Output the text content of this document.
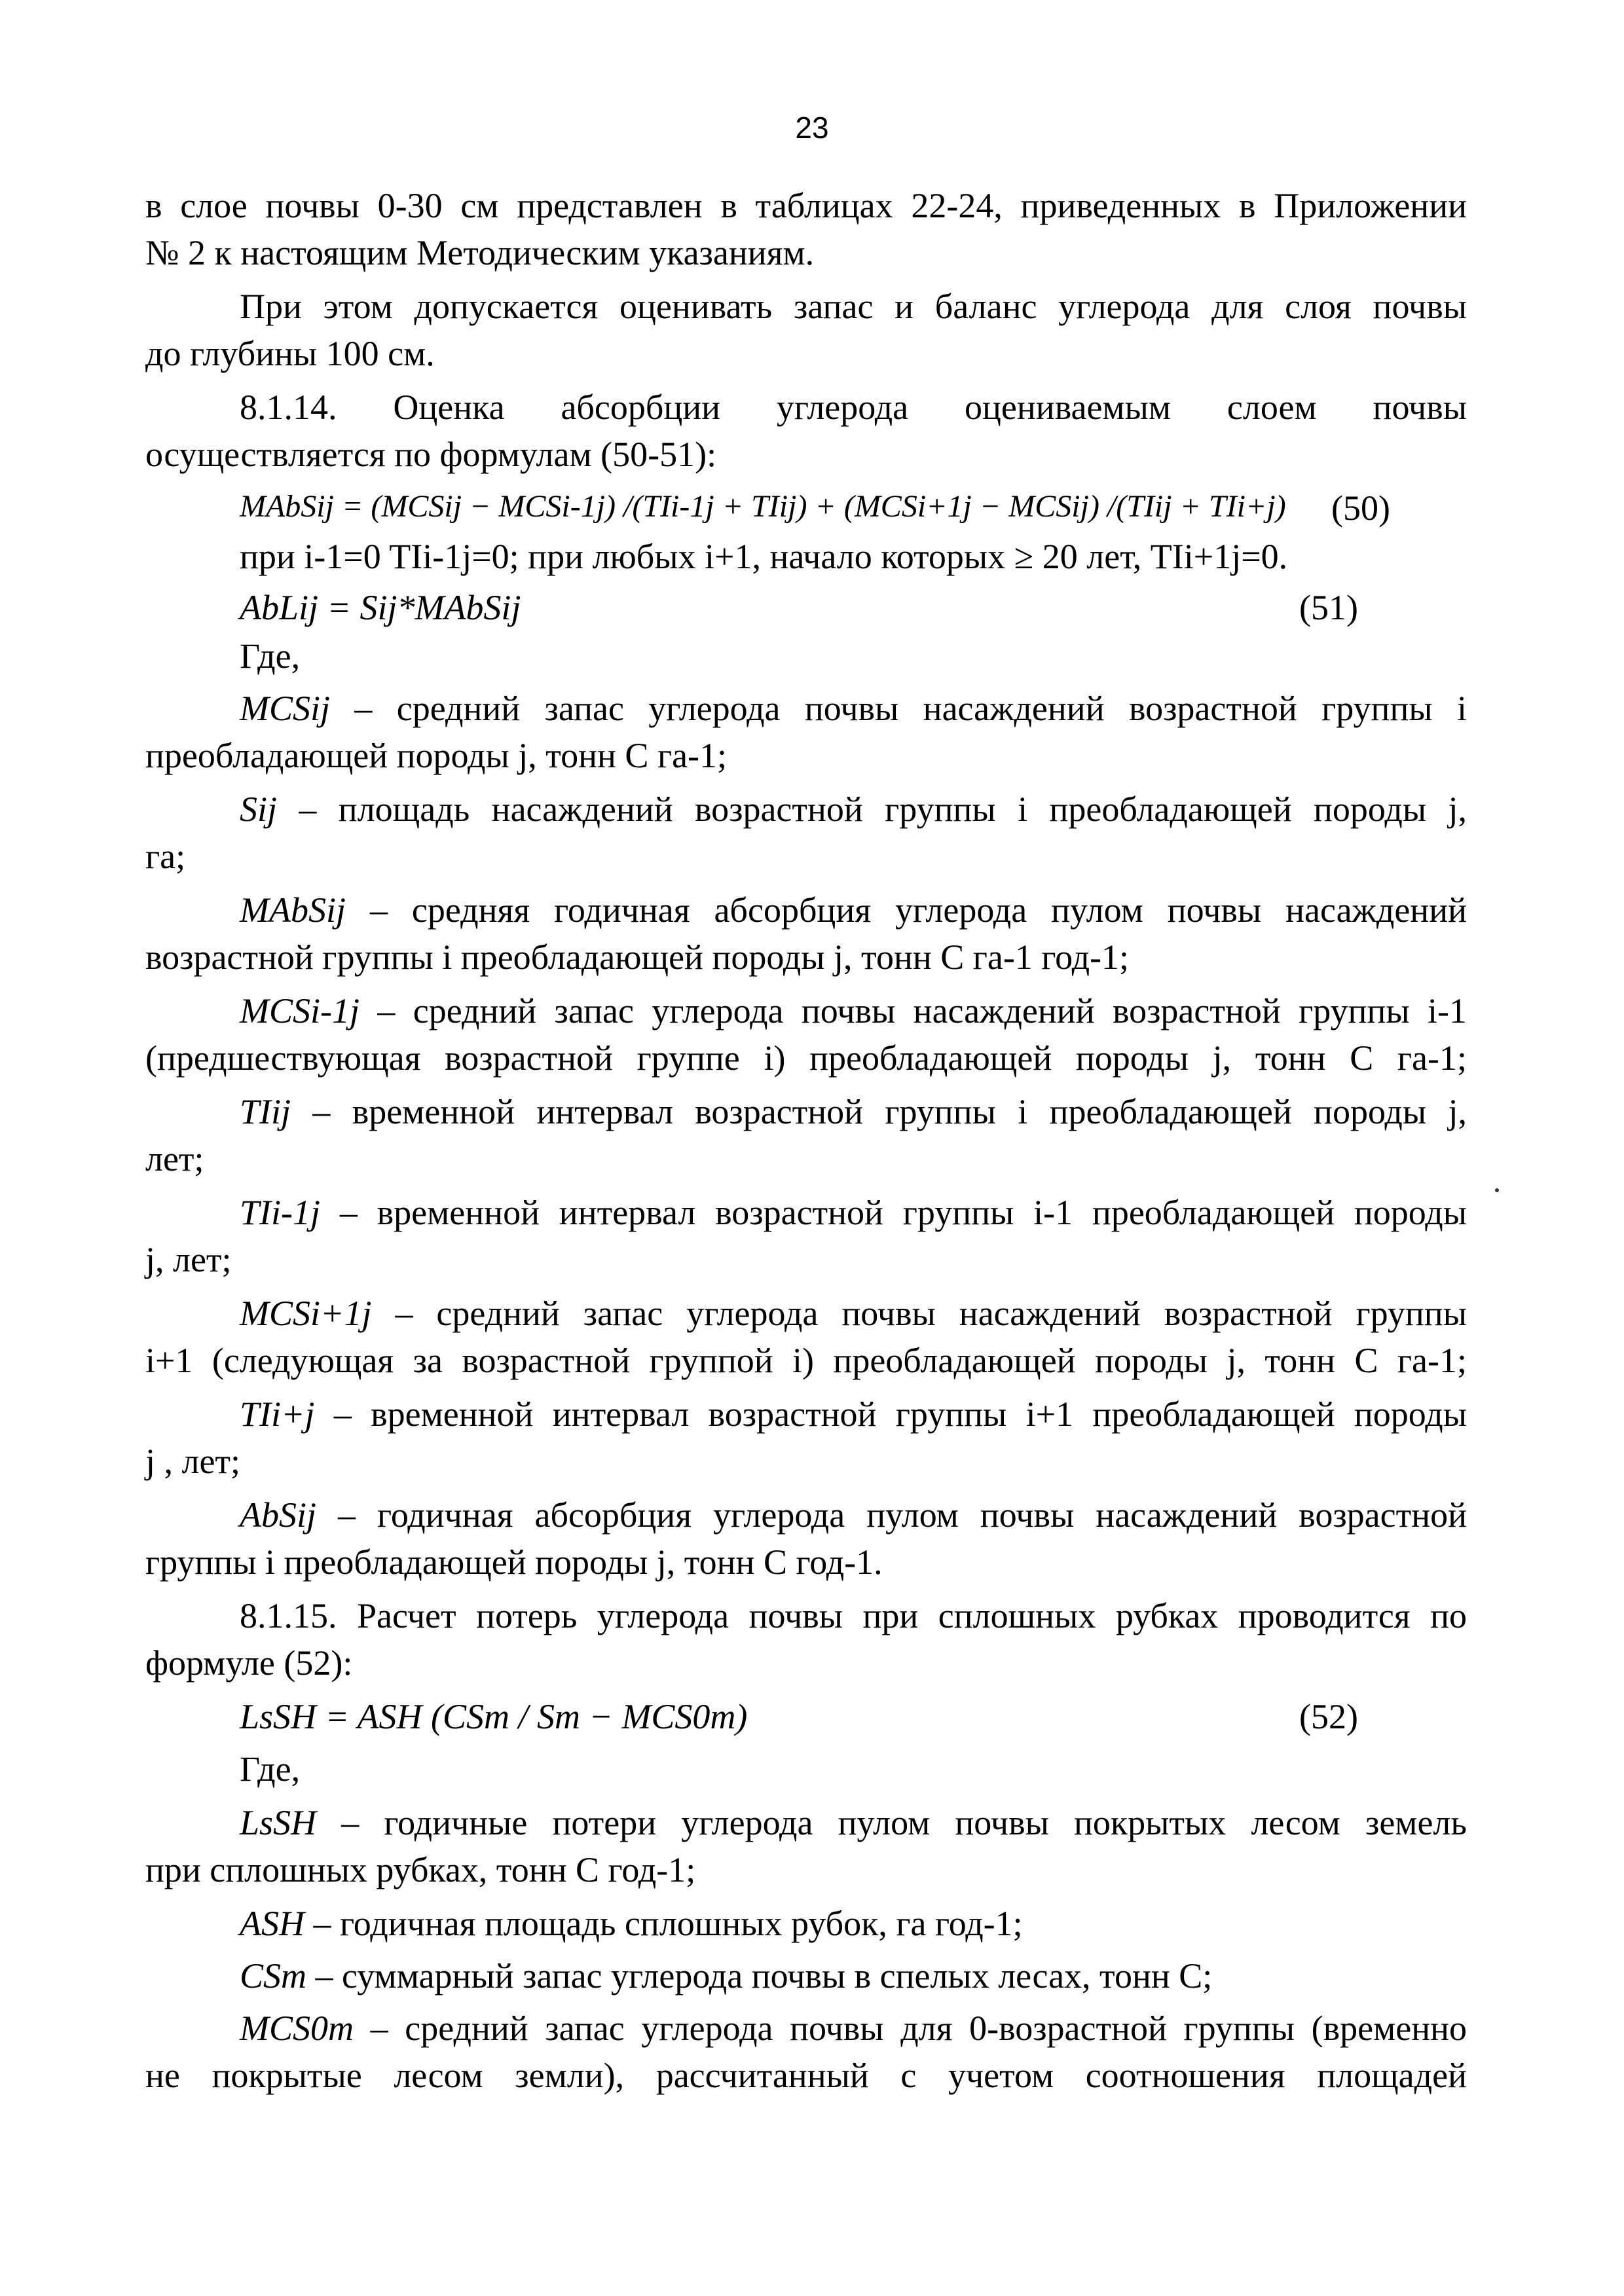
23
в слое почвы 0-30 см представлен в таблицах 22-24, приведенных в Приложении
№ 2 к настоящим Методическим указаниям.
При этом допускается оценивать запас и баланс углерода для слоя почвы
до глубины 100 см.
8.1.14. Оценка абсорбции углерода оцениваемым слоем почвы
осуществляется по формулам (50-51):
MAbSij = (MCSij − MCSi-1j) /(TIi-1j + TIij) + (MCSi+1j − MCSij) /(TIij + TIi+j) (50)
при i-1=0 TIi-1j=0; при любых i+1, начало которых ≥ 20 лет, TIi+1j=0.
AbLij = Sij*MAbSij	(51)
Где,
MCSij – средний запас углерода почвы насаждений возрастной группы i
преобладающей породы j, тонн С га-1;
Sij – площадь насаждений возрастной группы i преобладающей породы j,
га;
MAbSij – средняя годичная абсорбция углерода пулом почвы насаждений
возрастной группы i преобладающей породы j, тонн С га-1 год-1;
MCSi-1j – средний запас углерода почвы насаждений возрастной группы i-1
(предшествующая возрастной группе i) преобладающей породы j, тонн С га-1;
TIij – временной интервал возрастной группы i преобладающей породы j,
лет;
TIi-1j – временной интервал возрастной группы i-1 преобладающей породы
j, лет;
MCSi+1j – средний запас углерода почвы насаждений возрастной группы
i+1 (следующая за возрастной группой i) преобладающей породы j, тонн С га-1;
TIi+j – временной интервал возрастной группы i+1 преобладающей породы
j , лет;
AbSij – годичная абсорбция углерода пулом почвы насаждений возрастной
группы i преобладающей породы j, тонн С год-1.
8.1.15. Расчет потерь углерода почвы при сплошных рубках проводится по
формуле (52):
LsSH = ASH (CSm / Sm − MCS0m)	(52)
Где,
LsSH – годичные потери углерода пулом почвы покрытых лесом земель
при сплошных рубках, тонн С год-1;
ASH – годичная площадь сплошных рубок, га год-1;
CSm – суммарный запас углерода почвы в спелых лесах, тонн С;
MCS0m – средний запас углерода почвы для 0-возрастной группы (временно
не покрытые лесом земли), рассчитанный с учетом соотношения площадей
